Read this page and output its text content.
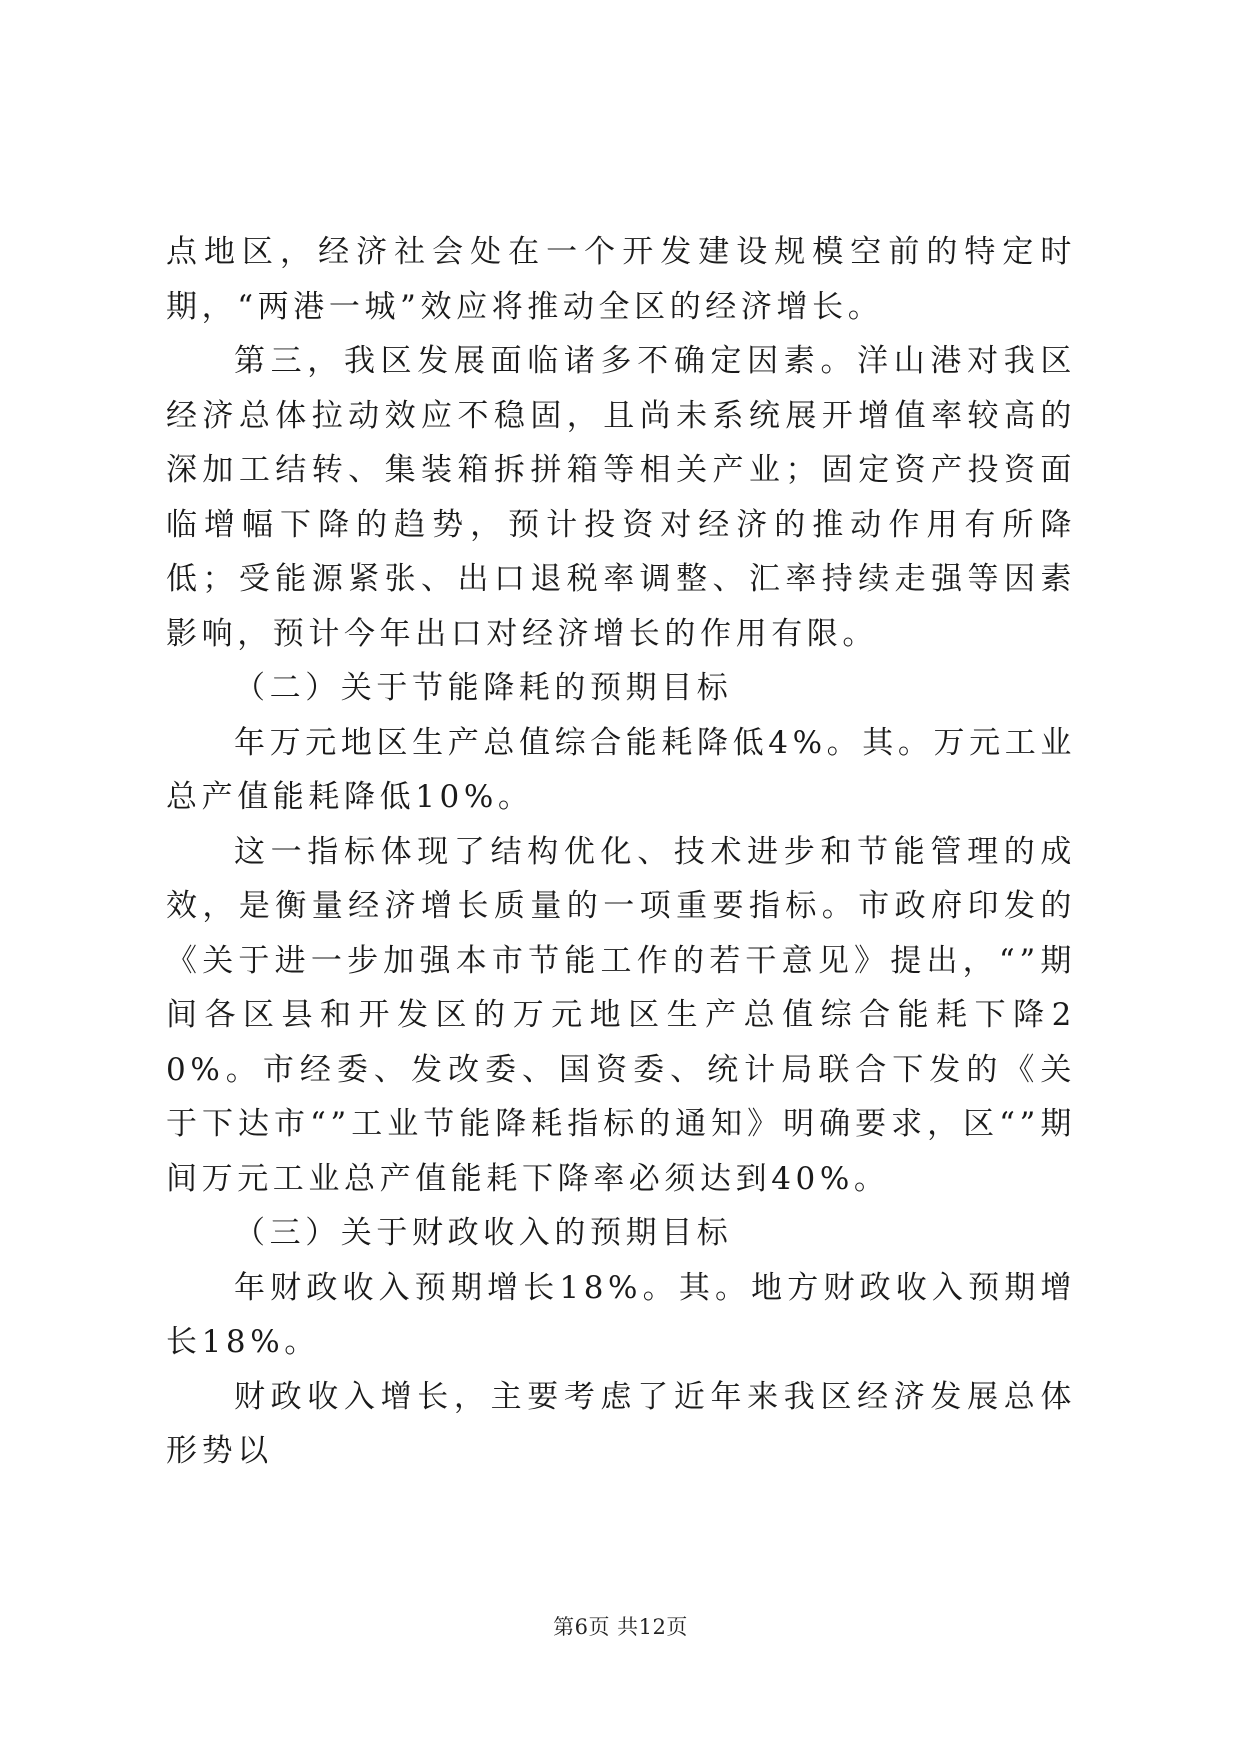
点地区，经济社会处在一个开发建设规模空前的特定时期，“两港一城”效应将推动全区的经济增长。

第三，我区发展面临诸多不确定因素。洋山港对我区经济总体拉动效应不稳固，且尚未系统展开增值率较高的深加工结转、集装箱拆拼箱等相关产业；固定资产投资面临增幅下降的趋势，预计投资对经济的推动作用有所降低；受能源紧张、出口退税率调整、汇率持续走强等因素影响，预计今年出口对经济增长的作用有限。

（二）关于节能降耗的预期目标

年万元地区生产总值综合能耗降低4%。其。万元工业总产值能耗降低10%。

这一指标体现了结构优化、技术进步和节能管理的成效，是衡量经济增长质量的一项重要指标。市政府印发的《关于进一步加强本市节能工作的若干意见》提出，“”期间各区县和开发区的万元地区生产总值综合能耗下降20%。市经委、发改委、国资委、统计局联合下发的《关于下达市“”工业节能降耗指标的通知》明确要求，区“”期间万元工业总产值能耗下降率必须达到40%。

（三）关于财政收入的预期目标

年财政收入预期增长18%。其。地方财政收入预期增长18%。

财政收入增长，主要考虑了近年来我区经济发展总体形势以

第6页 共12页
